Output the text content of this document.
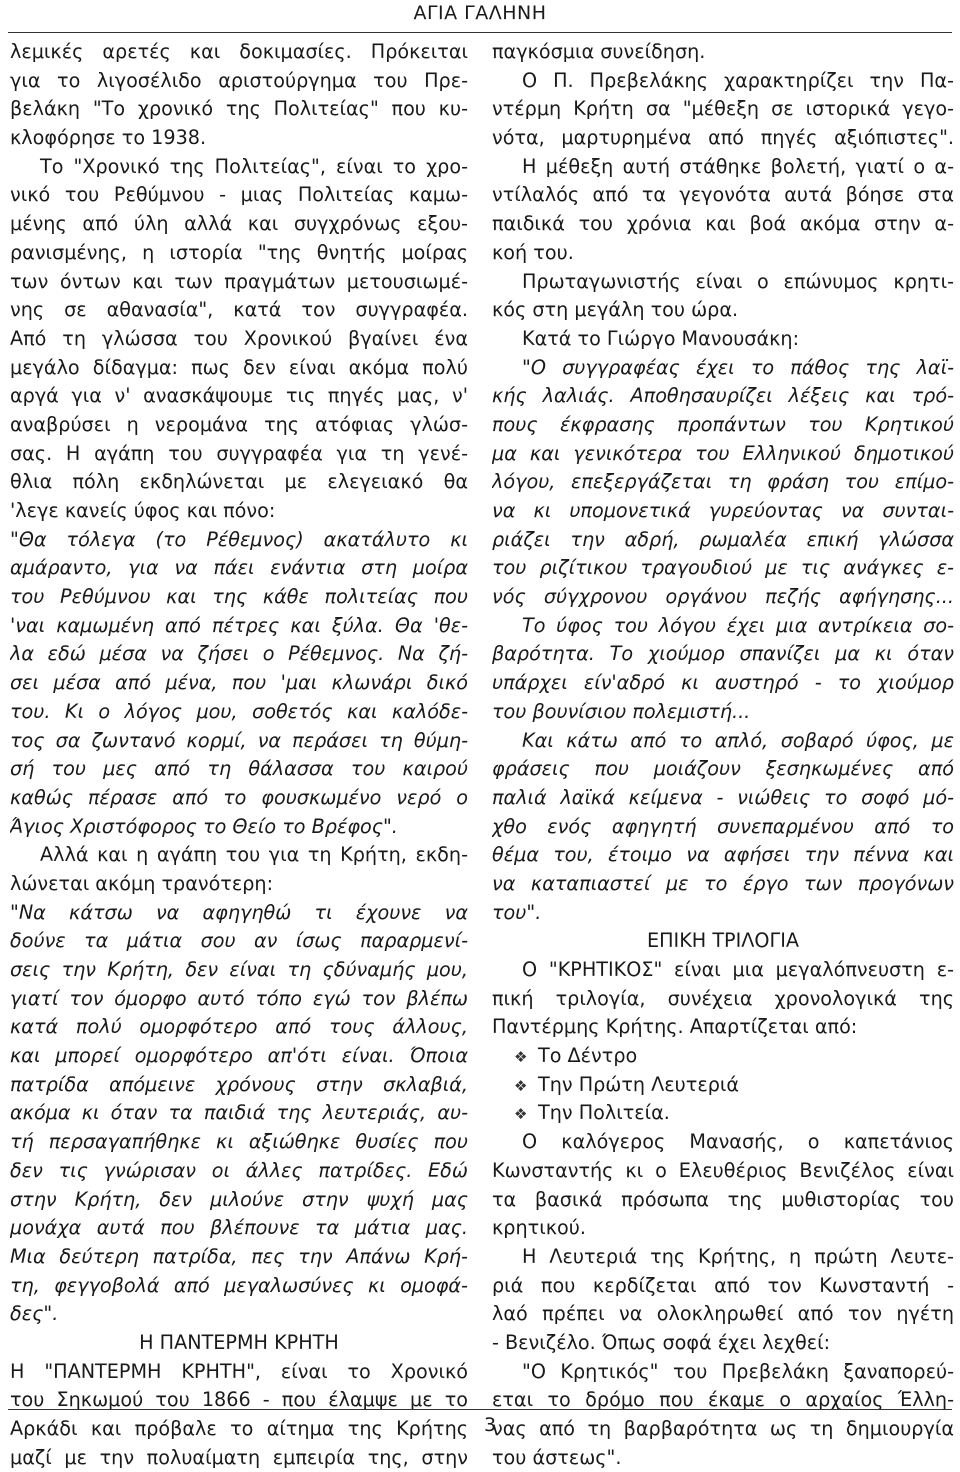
ΑΓΙΑ ΓΑΛΗΝΗ
λεμικές αρετές και δοκιμασίες. Πρόκειται
για το λιγοσέλιδο αριστούργημα του Πρε-
βελάκη "Το χρονικό της Πολιτείας" που κυ-
κλοφόρησε το 1938.
Το "Χρονικό της Πολιτείας", είναι το χρο-
νικό του Ρεθύμνου - μιας Πολιτείας καμω-
μένης από ύλη αλλά και συγχρόνως εξου-
ρανισμένης, η ιστορία "της θνητής μοίρας
των όντων και των πραγμάτων μετουσιωμέ-
νης σε αθανασία", κατά τον συγγραφέα.
Από τη γλώσσα του Χρονικού βγαίνει ένα
μεγάλο δίδαγμα: πως δεν είναι ακόμα πολύ
αργά για ν' ανασκάψουμε τις πηγές μας, ν'
αναβρύσει η νερομάνα της ατόφιας γλώσ-
σας. Η αγάπη του συγγραφέα για τη γενέ-
θλια πόλη εκδηλώνεται με ελεγειακό θα
'λεγε κανείς ύφος και πόνο:
"Θα τόλεγα (το Ρέθεμνος) ακατάλυτο κι
αμάραντο, για να πάει ενάντια στη μοίρα
του Ρεθύμνου και της κάθε πολιτείας που
'ναι καμωμένη από πέτρες και ξύλα. Θα 'θε-
λα εδώ μέσα να ζήσει ο Ρέθεμνος. Να ζή-
σει μέσα από μένα, που 'μαι κλωνάρι δικό
του. Κι ο λόγος μου, σοθετός και καλόδε-
τος σα ζωντανό κορμί, να περάσει τη θύμη-
σή του μες από τη θάλασσα του καιρού
καθώς πέρασε από το φουσκωμένο νερό ο
Άγιος Χριστόφορος το Θείο το Βρέφος".
Αλλά και η αγάπη του για τη Κρήτη, εκδη-
λώνεται ακόμη τρανότερη:
"Να κάτσω να αφηγηθώ τι έχουνε να
δούνε τα μάτια σου αν ίσως παραρμενί-
σεις την Κρήτη, δεν είναι τη ςδύναμής μου,
γιατί τον όμορφο αυτό τόπο εγώ τον βλέπω
κατά πολύ ομορφότερο από τους άλλους,
και μπορεί ομορφότερο απ'ότι είναι. Όποια
πατρίδα απόμεινε χρόνους στην σκλαβιά,
ακόμα κι όταν τα παιδιά της λευτεριάς, αυ-
τή περσαγαπήθηκε κι αξιώθηκε θυσίες που
δεν τις γνώρισαν οι άλλες πατρίδες. Εδώ
στην Κρήτη, δεν μιλούνε στην ψυχή μας
μονάχα αυτά που βλέπουνε τα μάτια μας.
Μια δεύτερη πατρίδα, πες την Απάνω Κρή-
τη, φεγγοβολά από μεγαλωσύνες κι ομοφά-
δες".
Η ΠΑΝΤΕΡΜΗ ΚΡΗΤΗ
Η "ΠΑΝΤΕΡΜΗ ΚΡΗΤΗ", είναι το Χρονικό
του Σηκωμού του 1866 - που έλαμψε με το
Αρκάδι και πρόβαλε το αίτημα της Κρήτης
μαζί με την πολυαίματη εμπειρία της, στην
παγκόσμια συνείδηση.
Ο Π. Πρεβελάκης χαρακτηρίζει την Πα-
ντέρμη Κρήτη σα "μέθεξη σε ιστορικά γεγο-
νότα, μαρτυρημένα από πηγές αξιόπιστες".
Η μέθεξη αυτή στάθηκε βολετή, γιατί ο α-
ντίλαλός από τα γεγονότα αυτά βόησε στα
παιδικά του χρόνια και βοά ακόμα στην α-
κοή του.
Πρωταγωνιστής είναι ο επώνυμος κρητι-
κός στη μεγάλη του ώρα.
Κατά το Γιώργο Μανουσάκη:
"Ο συγγραφέας έχει το πάθος της λαϊ-
κής λαλιάς. Αποθησαυρίζει λέξεις και τρό-
πους έκφρασης προπάντων του Κρητικού
μα και γενικότερα του Ελληνικού δημοτικού
λόγου, επεξεργάζεται τη φράση του επίμο-
να κι υπομονετικά γυρεύοντας να συνται-
ριάζει την αδρή, ρωμαλέα επική γλώσσα
του ριζίτικου τραγουδιού με τις ανάγκες ε-
νός σύγχρονου οργάνου πεζής αφήγησης...
Το ύφος του λόγου έχει μια αντρίκεια σο-
βαρότητα. Το χιούμορ σπανίζει μα κι όταν
υπάρχει είν'αδρό κι αυστηρό - το χιούμορ
του βουνίσιου πολεμιστή...
Και κάτω από το απλό, σοβαρό ύφος, με
φράσεις που μοιάζουν ξεσηκωμένες από
παλιά λαϊκά κείμενα - νιώθεις το σοφό μό-
χθο ενός αφηγητή συνεπαρμένου από το
θέμα του, έτοιμο να αφήσει την πέννα και
να καταπιαστεί με το έργο των προγόνων
του".
ΕΠΙΚΗ ΤΡΙΛΟΓΙΑ
Ο "ΚΡΗΤΙΚΟΣ" είναι μια μεγαλόπνευστη ε-
πική τριλογία, συνέχεια χρονολογικά της
Παντέρμης Κρήτης. Απαρτίζεται από:
❖ Το Δέντρο
❖ Την Πρώτη Λευτεριά
❖ Την Πολιτεία.
Ο καλόγερος Μανασής, ο καπετάνιος
Κωνσταντής κι ο Ελευθέριος Βενιζέλος είναι
τα βασικά πρόσωπα της μυθιστορίας του
κρητικού.
Η Λευτεριά της Κρήτης, η πρώτη Λευτε-
ριά που κερδίζεται από τον Κωνσταντή -
λαό πρέπει να ολοκληρωθεί από τον ηγέτη
- Βενιζέλο. Όπως σοφά έχει λεχθεί:
"Ο Κρητικός" του Πρεβελάκη ξαναπορεύ-
εται το δρόμο που έκαμε ο αρχαίος Έλλη-
νας από τη βαρβαρότητα ως τη δημιουργία
του άστεως".
3
